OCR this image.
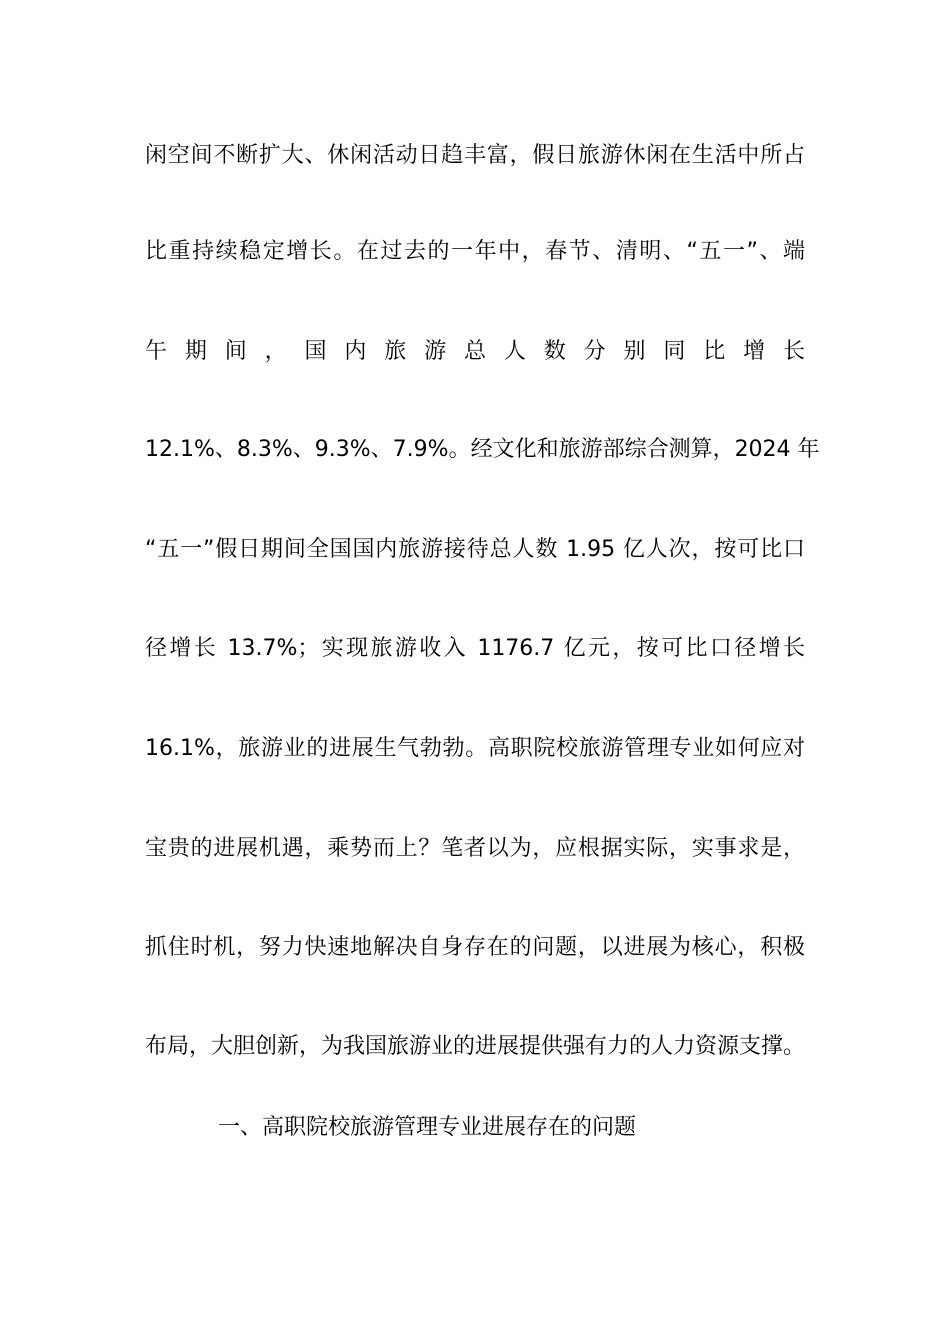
闲空间不断扩大、休闲活动日趋丰富，假日旅游休闲在生活中所占
比重持续稳定增长。在过去的一年中，春节、清明、“五一”、端
午 期 间 ， 国 内 旅 游 总 人 数 分 别 同 比 增 长
12.1%、8.3%、9.3%、7.9%。经文化和旅游部综合测算，2024 年
“五一”假日期间全国国内旅游接待总人数 1.95 亿人次，按可比口
径增长 13.7%；实现旅游收入 1176.7 亿元，按可比口径增长
16.1%，旅游业的进展生气勃勃。高职院校旅游管理专业如何应对
宝贵的进展机遇，乘势而上？笔者以为，应根据实际，实事求是，
抓住时机，努力快速地解决自身存在的问题，以进展为核心，积极
布局，大胆创新，为我国旅游业的进展提供强有力的人力资源支撑。
一、高职院校旅游管理专业进展存在的问题
